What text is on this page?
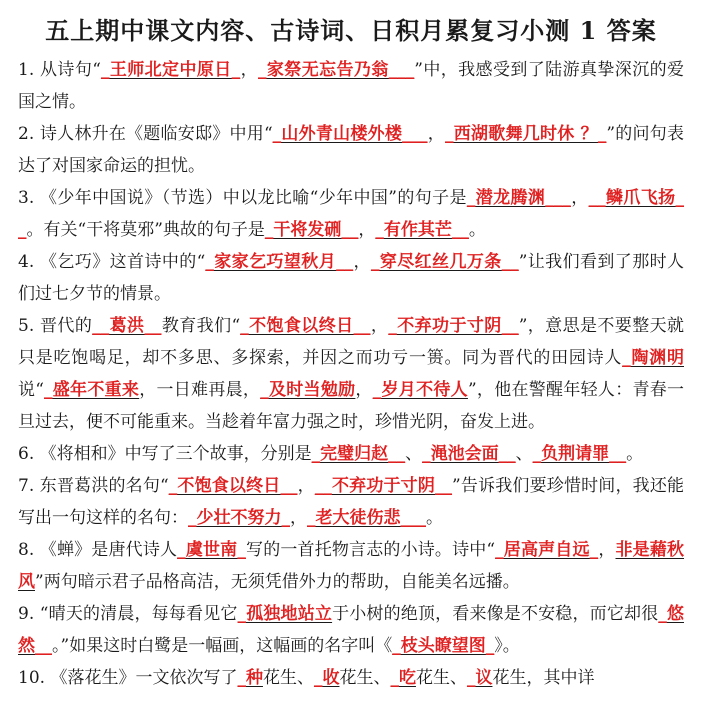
五上期中课文内容、古诗词、日积月累复习小测 1 答案

1. 从诗句“_王师北定中原日_，_家祭无忘告乃翁___”中，我感受到了陆游真挚深沉的爱国之情。

2. 诗人林升在《题临安邸》中用“_山外青山楼外楼___，_西湖歌舞几时休 ？_”的问句表达了对国家命运的担忧。

3. 《少年中国说》（节选）中以龙比喻“少年中国”的句子是_潜龙腾渊___，__鳞爪飞扬__。有关“干将莫邪”典故的句子是_干将发硎__，_有作其芒__。

4. 《乞巧》这首诗中的“_家家乞巧望秋月__，_穿尽红丝几万条__”让我们看到了那时人们过七夕节的情景。

5. 晋代的__葛洪__教育我们“_不饱食以终日__，_不弃功于寸阴__”，意思是不要整天就只是吃饱喝足，却不多思、多探索，并因之而功亏一篑。同为晋代的田园诗人_陶渊明说“_盛年不重来，一日难再晨，_及时当勉励，_岁月不待人”，他在警醒年轻人：青春一旦过去，便不可能重来。当趁着年富力强之时，珍惜光阴，奋发上进。

6. 《将相和》中写了三个故事，分别是_完璧归赵__、_渑池会面__、_负荆请罪__。

7. 东晋葛洪的名句“_不饱食以终日__，__不弃功于寸阴__”告诉我们要珍惜时间，我还能写出一句这样的名句：_少壮不努力_，_老大徒伤悲___。

8. 《蝉》是唐代诗人_虞世南_写的一首托物言志的小诗。诗中“_居高声自远_，非是藉秋风”两句暗示君子品格高洁，无须凭借外力的帮助，自能美名远播。

9. “晴天的清晨，每每看见它_孤独地站立于小树的绝顶，看来像是不安稳，而它却很_悠然__。”如果这时白鹭是一幅画，这幅画的名字叫《_枝头瞭望图_》。

10. 《落花生》一文依次写了_种花生、_收花生、_吃花生、_议花生，其中详
